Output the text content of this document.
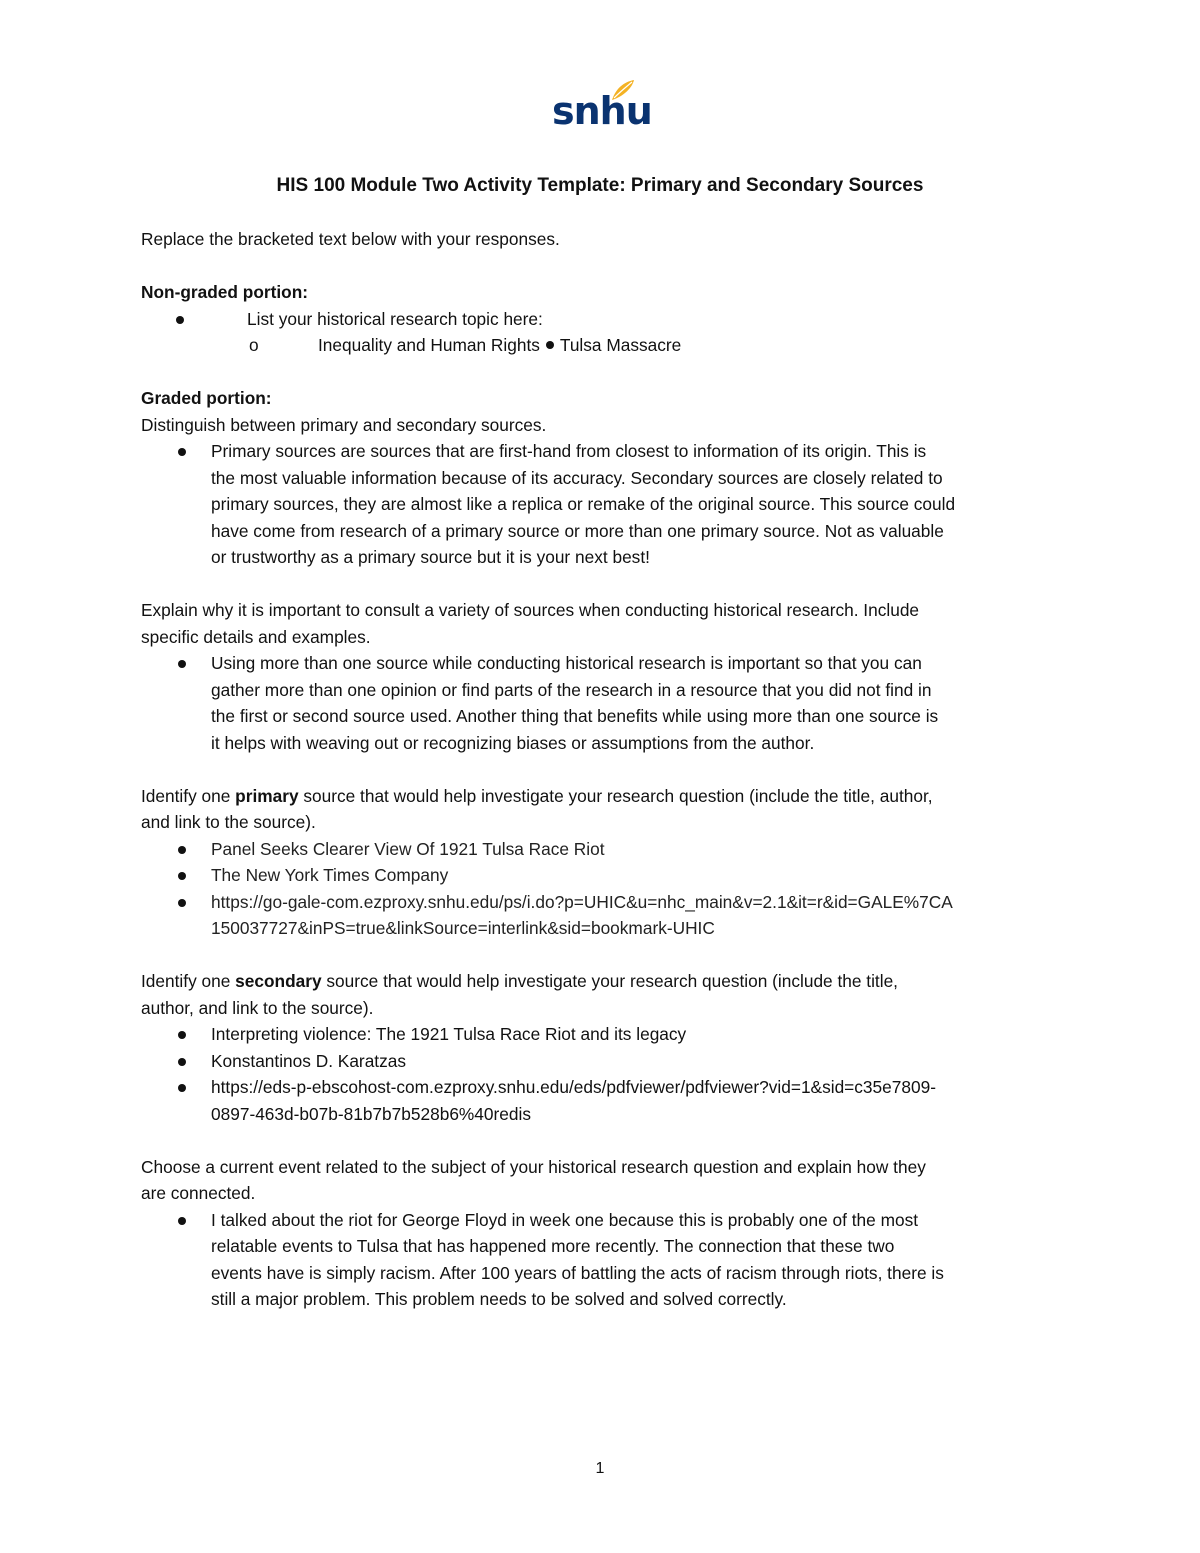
snhu
HIS 100 Module Two Activity Template: Primary and Secondary Sources
Replace the bracketed text below with your responses.
Non-graded portion:
List your historical research topic here:
o	Inequality and Human Rights Tulsa Massacre
Graded portion:
Distinguish between primary and secondary sources.
Primary sources are sources that are first-hand from closest to information of its origin. This is
the most valuable information because of its accuracy. Secondary sources are closely related to
primary sources, they are almost like a replica or remake of the original source. This source could
have come from research of a primary source or more than one primary source. Not as valuable
or trustworthy as a primary source but it is your next best!
Explain why it is important to consult a variety of sources when conducting historical research. Include
specific details and examples.
Using more than one source while conducting historical research is important so that you can
gather more than one opinion or find parts of the research in a resource that you did not find in
the first or second source used. Another thing that benefits while using more than one source is
it helps with weaving out or recognizing biases or assumptions from the author.
Identify one primary source that would help investigate your research question (include the title, author,
and link to the source).
Panel Seeks Clearer View Of 1921 Tulsa Race Riot
The New York Times Company
https://go-gale-com.ezproxy.snhu.edu/ps/i.do?p=UHIC&u=nhc_main&v=2.1&it=r&id=GALE%7CA
150037727&inPS=true&linkSource=interlink&sid=bookmark-UHIC
Identify one secondary source that would help investigate your research question (include the title,
author, and link to the source).
Interpreting violence: The 1921 Tulsa Race Riot and its legacy
Konstantinos D. Karatzas
https://eds-p-ebscohost-com.ezproxy.snhu.edu/eds/pdfviewer/pdfviewer?vid=1&sid=c35e7809-
0897-463d-b07b-81b7b7b528b6%40redis
Choose a current event related to the subject of your historical research question and explain how they
are connected.
I talked about the riot for George Floyd in week one because this is probably one of the most
relatable events to Tulsa that has happened more recently. The connection that these two
events have is simply racism. After 100 years of battling the acts of racism through riots, there is
still a major problem. This problem needs to be solved and solved correctly.
1
